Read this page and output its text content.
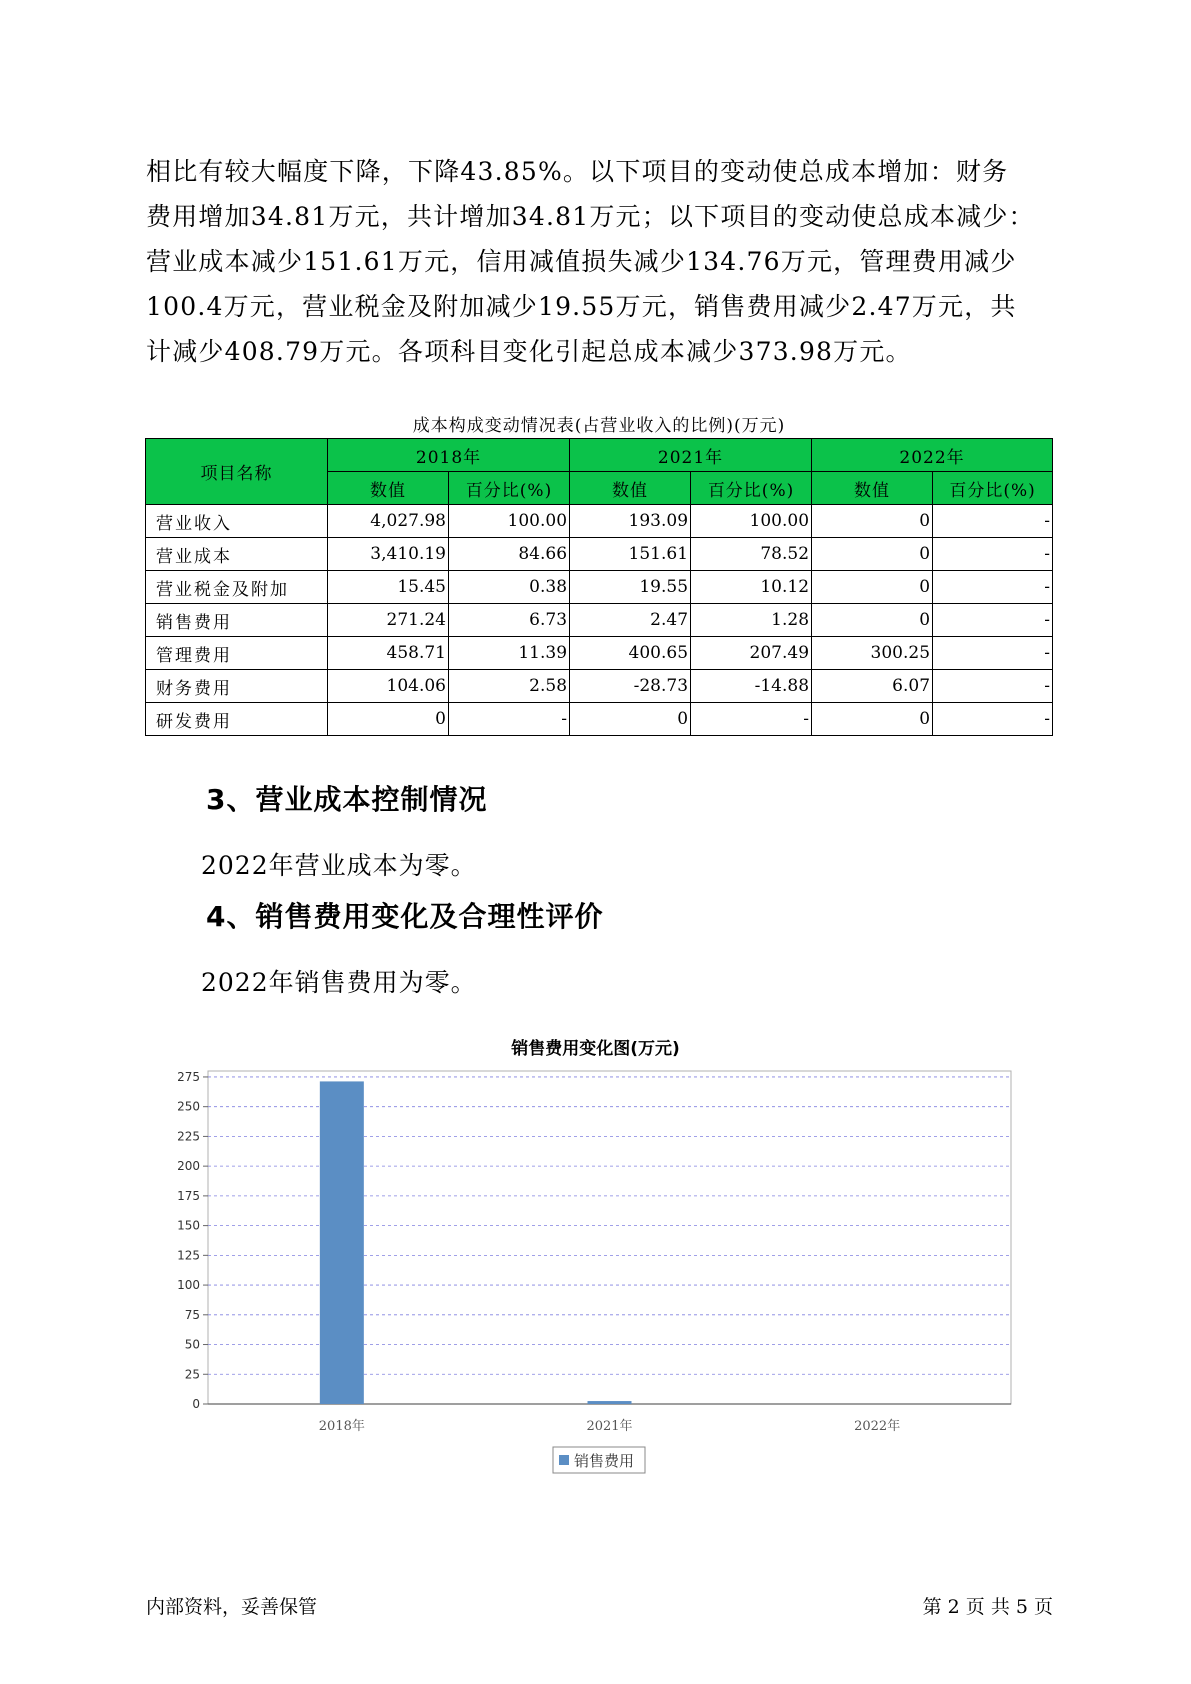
相比有较大幅度下降，下降43.85%。以下项目的变动使总成本增加：财务
费用增加34.81万元，共计增加34.81万元；以下项目的变动使总成本减少：
营业成本减少151.61万元，信用减值损失减少134.76万元，管理费用减少
100.4万元，营业税金及附加减少19.55万元，销售费用减少2.47万元，共
计减少408.79万元。各项科目变化引起总成本减少373.98万元。

成本构成变动情况表(占营业收入的比例)(万元)
项目名称	2018年		2021年		2022年	
	数值	百分比(%)	数值	百分比(%)	数值	百分比(%)
营业收入	4,027.98	100.00	193.09	100.00	0	-
营业成本	3,410.19	84.66	151.61	78.52	0	-
营业税金及附加	15.45	0.38	19.55	10.12	0	-
销售费用	271.24	6.73	2.47	1.28	0	-
管理费用	458.71	11.39	400.65	207.49	300.25	-
财务费用	104.06	2.58	-28.73	-14.88	6.07	-
研发费用	0	-	0	-	0	-
3、营业成本控制情况

2022年营业成本为零。

4、销售费用变化及合理性评价

2022年销售费用为零。

销售费用变化图(万元)
0
25
50
75
100
125
150
175
200
225
250
275
2018年	2021年	2022年
销售费用
内部资料，妥善保管	第 2 页 共 5 页
